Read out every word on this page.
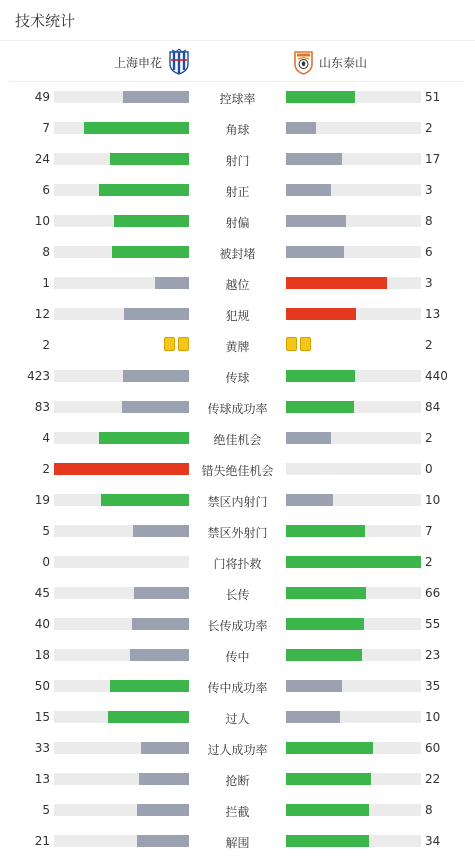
技术统计
上海申花	山东泰山
49	控球率	51
7	角球	2
24	射门	17
6	射正	3
10	射偏	8
8	被封堵	6
1	越位	3
12	犯规	13
2	黄牌	2
423	传球	440
83	传球成功率	84
4	绝佳机会	2
2	错失绝佳机会	0
19	禁区内射门	10
5	禁区外射门	7
0	门将扑救	2
45	长传	66
40	长传成功率	55
18	传中	23
50	传中成功率	35
15	过人	10
33	过人成功率	60
13	抢断	22
5	拦截	8
21	解围	34
